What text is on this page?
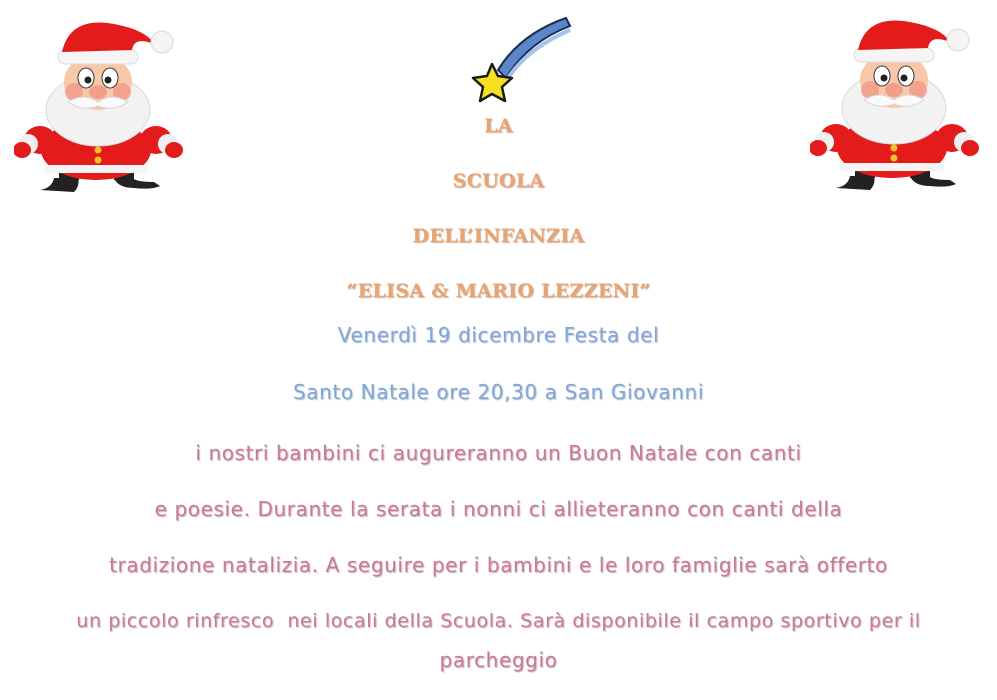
LA
SCUOLA
DELL’INFANZIA
“ELISA & MARIO LEZZENI”
Venerdì 19 dicembre Festa del
Santo Natale ore 20,30 a San Giovanni
i nostri bambini ci augureranno un Buon Natale con canti
e poesie. Durante la serata i nonni ci allieteranno con canti della
tradizione natalizia. A seguire per i bambini e le loro famiglie sarà offerto
un piccolo rinfresco  nei locali della Scuola. Sarà disponibile il campo sportivo per il
parcheggio
